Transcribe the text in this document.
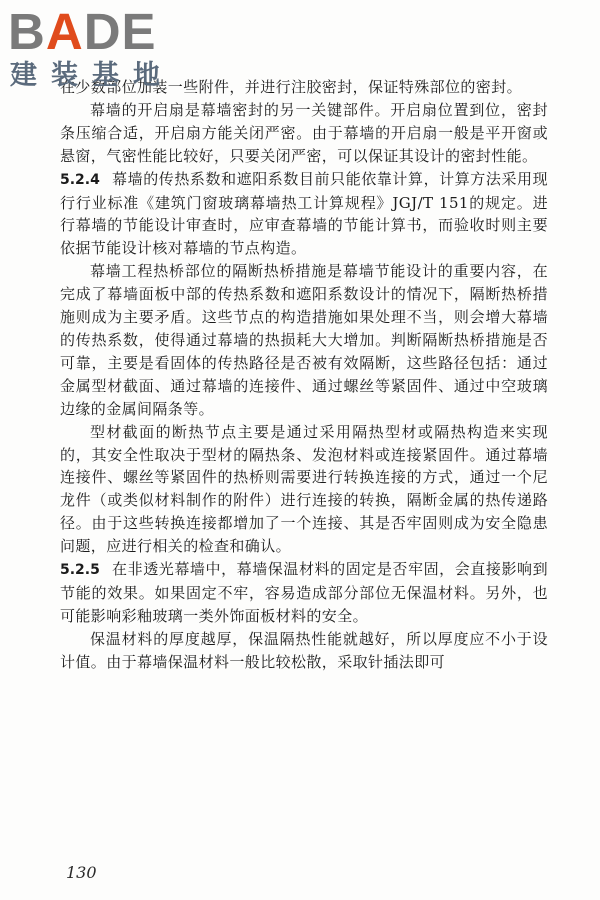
BADE
建装基地

在少数部位加装一些附件，并进行注胶密封，保证特殊部位的密封。

幕墙的开启扇是幕墙密封的另一关键部件。开启扇位置到位，密封条压缩合适，开启扇方能关闭严密。由于幕墙的开启扇一般是平开窗或悬窗，气密性能比较好，只要关闭严密，可以保证其设计的密封性能。

5.2.4 幕墙的传热系数和遮阳系数目前只能依靠计算，计算方法采用现行行业标准《建筑门窗玻璃幕墙热工计算规程》JGJ/T 151的规定。进行幕墙的节能设计审查时，应审查幕墙的节能计算书，而验收时则主要依据节能设计核对幕墙的节点构造。

幕墙工程热桥部位的隔断热桥措施是幕墙节能设计的重要内容，在完成了幕墙面板中部的传热系数和遮阳系数设计的情况下，隔断热桥措施则成为主要矛盾。这些节点的构造措施如果处理不当，则会增大幕墙的传热系数，使得通过幕墙的热损耗大大增加。判断隔断热桥措施是否可靠，主要是看固体的传热路径是否被有效隔断，这些路径包括：通过金属型材截面、通过幕墙的连接件、通过螺丝等紧固件、通过中空玻璃边缘的金属间隔条等。

型材截面的断热节点主要是通过采用隔热型材或隔热构造来实现的，其安全性取决于型材的隔热条、发泡材料或连接紧固件。通过幕墙连接件、螺丝等紧固件的热桥则需要进行转换连接的方式，通过一个尼龙件（或类似材料制作的附件）进行连接的转换，隔断金属的热传递路径。由于这些转换连接都增加了一个连接、其是否牢固则成为安全隐患问题，应进行相关的检查和确认。

5.2.5 在非透光幕墙中，幕墙保温材料的固定是否牢固，会直接影响到节能的效果。如果固定不牢，容易造成部分部位无保温材料。另外，也可能影响彩釉玻璃一类外饰面板材料的安全。

保温材料的厚度越厚，保温隔热性能就越好，所以厚度应不小于设计值。由于幕墙保温材料一般比较松散，采取针插法即可

130
